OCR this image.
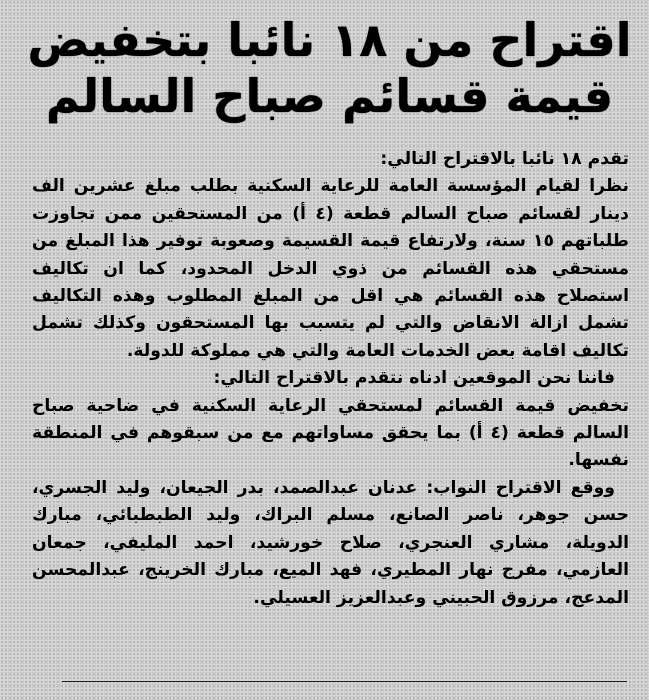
اقتراح من ١٨ نائبا بتخفيض
قيمة قسائم صباح السالم

تقدم ١٨ نائبا بالاقتراح التالي:

نظرا لقيام المؤسسة العامة للرعاية السكنية بطلب مبلغ عشرين الف دينار لقسائم صباح السالم قطعة (٤ أ) من المستحقين ممن تجاوزت طلباتهم ١٥ سنة، ولارتفاع قيمة القسيمة وصعوبة توفير هذا المبلغ من مستحقي هذه القسائم من ذوي الدخل المحدود، كما ان تكاليف استصلاح هذه القسائم هي اقل من المبلغ المطلوب وهذه التكاليف تشمل ازالة الانقاض والتي لم يتسبب بها المستحقون وكذلك تشمل تكاليف اقامة بعض الخدمات العامة والتي هي مملوكة للدولة.

فاننا نحن الموقعين ادناه نتقدم بالاقتراح التالي:

تخفيض قيمة القسائم لمستحقي الرعاية السكنية في ضاحية صباح السالم قطعة (٤ أ) بما يحقق مساواتهم مع من سبقوهم في المنطقة نفسها.

ووقع الاقتراح النواب: عدنان عبدالصمد، بدر الجيعان، وليد الجسري، حسن جوهر، ناصر الصانع، مسلم البراك، وليد الطبطبائي، مبارك الدويلة، مشاري العنجري، صلاح خورشيد، احمد المليفي، جمعان العازمي، مفرج نهار المطيري، فهد الميع، مبارك الخرينج، عبدالمحسن المدعج، مرزوق الحبيني وعبدالعزيز العسيلي.
